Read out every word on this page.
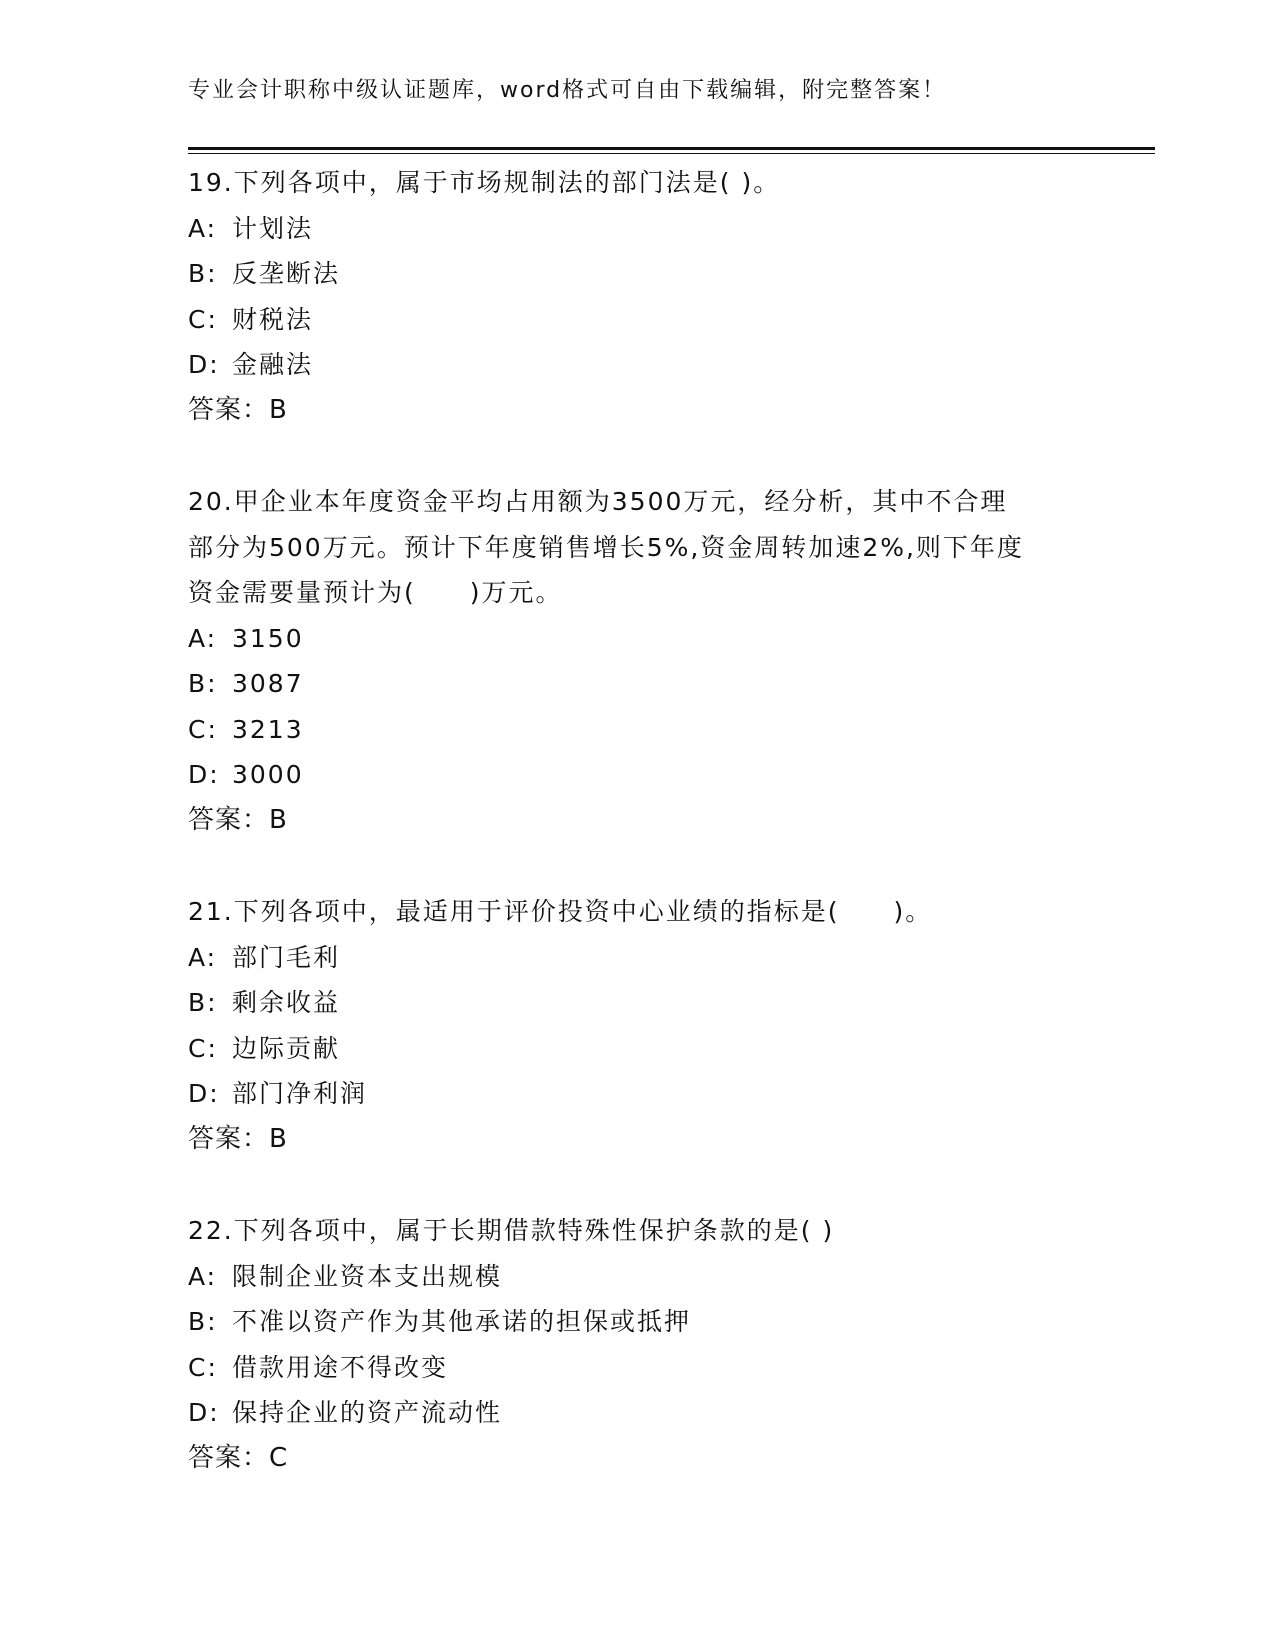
专业会计职称中级认证题库，word格式可自由下载编辑，附完整答案！
19.下列各项中，属于市场规制法的部门法是( )。
A: 计划法
B: 反垄断法
C: 财税法
D: 金融法
答案：B
20.甲企业本年度资金平均占用额为3500万元，经分析，其中不合理
部分为500万元。预计下年度销售增长5%,资金周转加速2%,则下年度
资金需要量预计为(　　)万元。
A: 3150
B: 3087
C: 3213
D: 3000
答案：B
21.下列各项中，最适用于评价投资中心业绩的指标是(　　)。
A: 部门毛利
B: 剩余收益
C: 边际贡献
D: 部门净利润
答案：B
22.下列各项中，属于长期借款特殊性保护条款的是( )
A: 限制企业资本支出规模
B: 不准以资产作为其他承诺的担保或抵押
C: 借款用途不得改变
D: 保持企业的资产流动性
答案：C
